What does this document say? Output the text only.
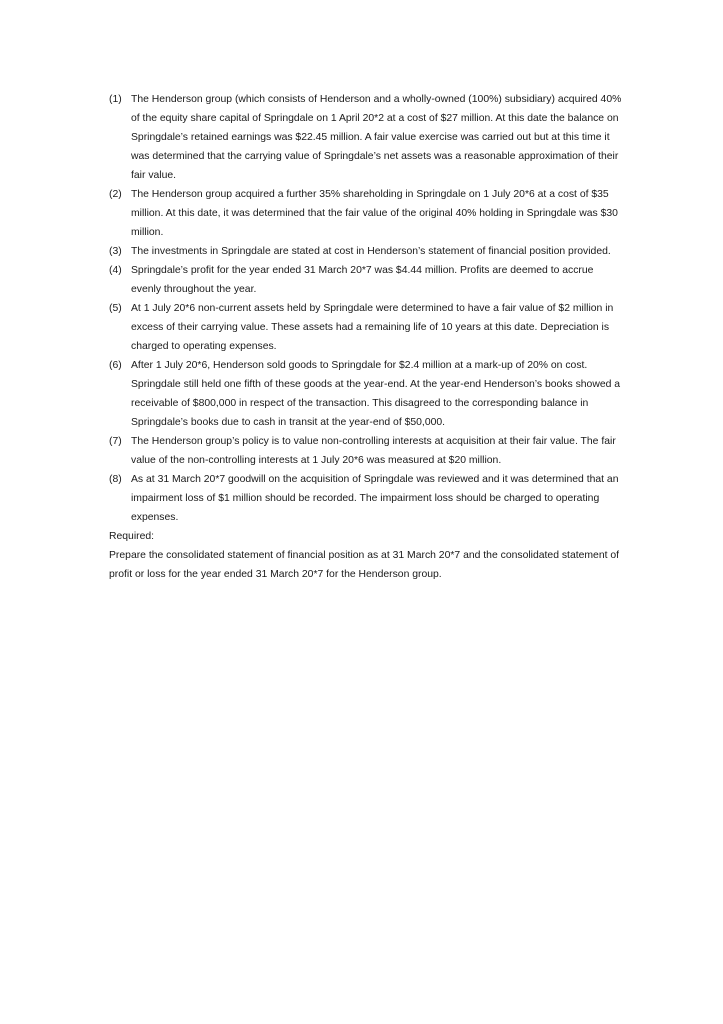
(1) The Henderson group (which consists of Henderson and a wholly-owned (100%) subsidiary) acquired 40% of the equity share capital of Springdale on 1 April 20*2 at a cost of $27 million. At this date the balance on Springdale’s retained earnings was $22.45 million. A fair value exercise was carried out but at this time it was determined that the carrying value of Springdale’s net assets was a reasonable approximation of their fair value.
(2) The Henderson group acquired a further 35% shareholding in Springdale on 1 July 20*6 at a cost of $35 million. At this date, it was determined that the fair value of the original 40% holding in Springdale was $30 million.
(3) The investments in Springdale are stated at cost in Henderson’s statement of financial position provided.
(4) Springdale’s profit for the year ended 31 March 20*7 was $4.44 million. Profits are deemed to accrue evenly throughout the year.
(5) At 1 July 20*6 non-current assets held by Springdale were determined to have a fair value of $2 million in excess of their carrying value. These assets had a remaining life of 10 years at this date. Depreciation is charged to operating expenses.
(6) After 1 July 20*6, Henderson sold goods to Springdale for $2.4 million at a mark-up of 20% on cost. Springdale still held one fifth of these goods at the year-end. At the year-end Henderson’s books showed a receivable of $800,000 in respect of the transaction. This disagreed to the corresponding balance in Springdale’s books due to cash in transit at the year-end of $50,000.
(7) The Henderson group’s policy is to value non-controlling interests at acquisition at their fair value. The fair value of the non-controlling interests at 1 July 20*6 was measured at $20 million.
(8) As at 31 March 20*7 goodwill on the acquisition of Springdale was reviewed and it was determined that an impairment loss of $1 million should be recorded. The impairment loss should be charged to operating expenses.

Required:

Prepare the consolidated statement of financial position as at 31 March 20*7 and the consolidated statement of profit or loss for the year ended 31 March 20*7 for the Henderson group.
